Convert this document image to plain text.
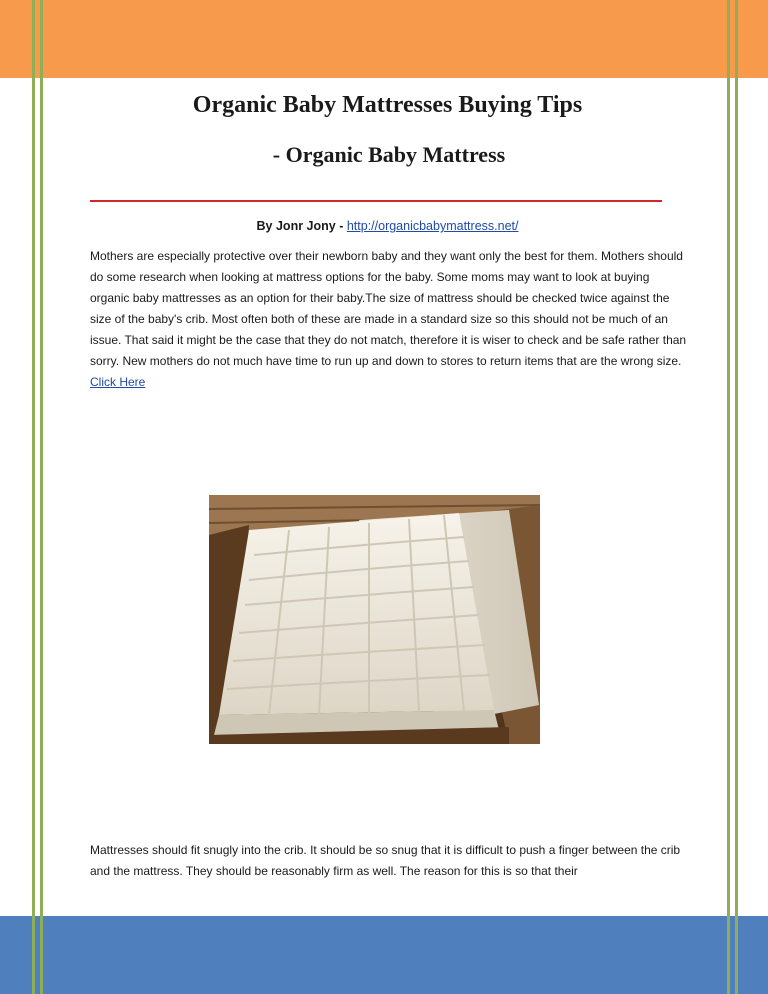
Organic Baby Mattresses Buying Tips
- Organic Baby Mattress
By Jonr Jony - http://organicbabymattress.net/

Mothers are especially protective over their newborn baby and they want only the best for them. Mothers should do some research when looking at mattress options for the baby. Some moms may want to look at buying organic baby mattresses as an option for their baby.The size of mattress should be checked twice against the size of the baby's crib. Most often both of these are made in a standard size so this should not be much of an issue. That said it might be the case that they do not match, therefore it is wiser to check and be safe rather than sorry. New mothers do not much have time to run up and down to stores to return items that are the wrong size. Click Here

Mattresses should fit snugly into the crib. It should be so snug that it is difficult to push a finger between the crib and the mattress. They should be reasonably firm as well. The reason for this is so that their
